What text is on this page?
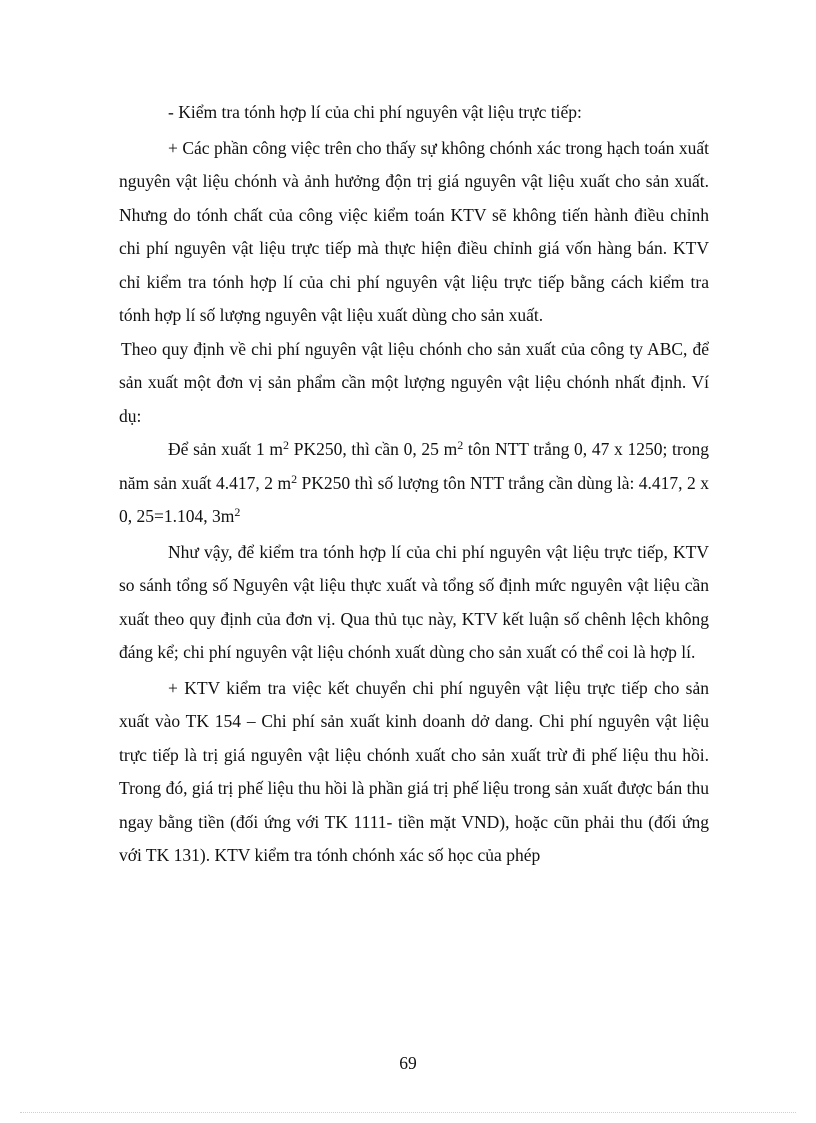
- Kiểm tra tónh hợp lí của chi phí nguyên vật liệu trực tiếp:

+ Các phần công việc trên cho thấy sự không chónh xác trong hạch toán xuất nguyên vật liệu chónh và ảnh hưởng độn trị giá nguyên vật liệu xuất cho sản xuất. Nhưng do tónh chất của công việc kiểm toán KTV sẽ không tiến hành điều chỉnh chi phí nguyên vật liệu trực tiếp mà thực hiện điều chỉnh giá vốn hàng bán. KTV chỉ kiểm tra tónh hợp lí của chi phí nguyên vật liệu trực tiếp bằng cách kiểm tra tónh hợp lí số lượng nguyên vật liệu xuất dùng cho sản xuất.

Theo quy định về chi phí nguyên vật liệu chónh cho sản xuất của công ty ABC, để sản xuất một đơn vị sản phẩm cần một lượng nguyên vật liệu chónh nhất định. Ví dụ:

Để sản xuất 1 $m^2$ PK250, thì cần 0, 25 $m^2$ tôn NTT trắng 0, 47 x 1250; trong năm sản xuất 4.417, 2 $m^2$ PK250 thì số lượng tôn NTT trắng cần dùng là: 4.417, 2 x 0, 25=1.104, $3m^2$

Như vậy, để kiểm tra tónh hợp lí của chi phí nguyên vật liệu trực tiếp, KTV so sánh tổng số Nguyên vật liệu thực xuất và tổng số định mức nguyên vật liệu cần xuất theo quy định của đơn vị. Qua thủ tục này, KTV kết luận số chênh lệch không đáng kể; chi phí nguyên vật liệu chónh xuất dùng cho sản xuất có thể coi là hợp lí.

+ KTV kiểm tra việc kết chuyển chi phí nguyên vật liệu trực tiếp cho sản xuất vào TK 154 – Chi phí sản xuất kinh doanh dở dang. Chi phí nguyên vật liệu trực tiếp là trị giá nguyên vật liệu chónh xuất cho sản xuất trừ đi phế liệu thu hồi. Trong đó, giá trị phế liệu thu hồi là phần giá trị phế liệu trong sản xuất được bán thu ngay bằng tiền (đối ứng với TK 1111- tiền mặt VND), hoặc cũn phải thu (đối ứng với TK 131). KTV kiểm tra tónh chónh xác số học của phép

69
